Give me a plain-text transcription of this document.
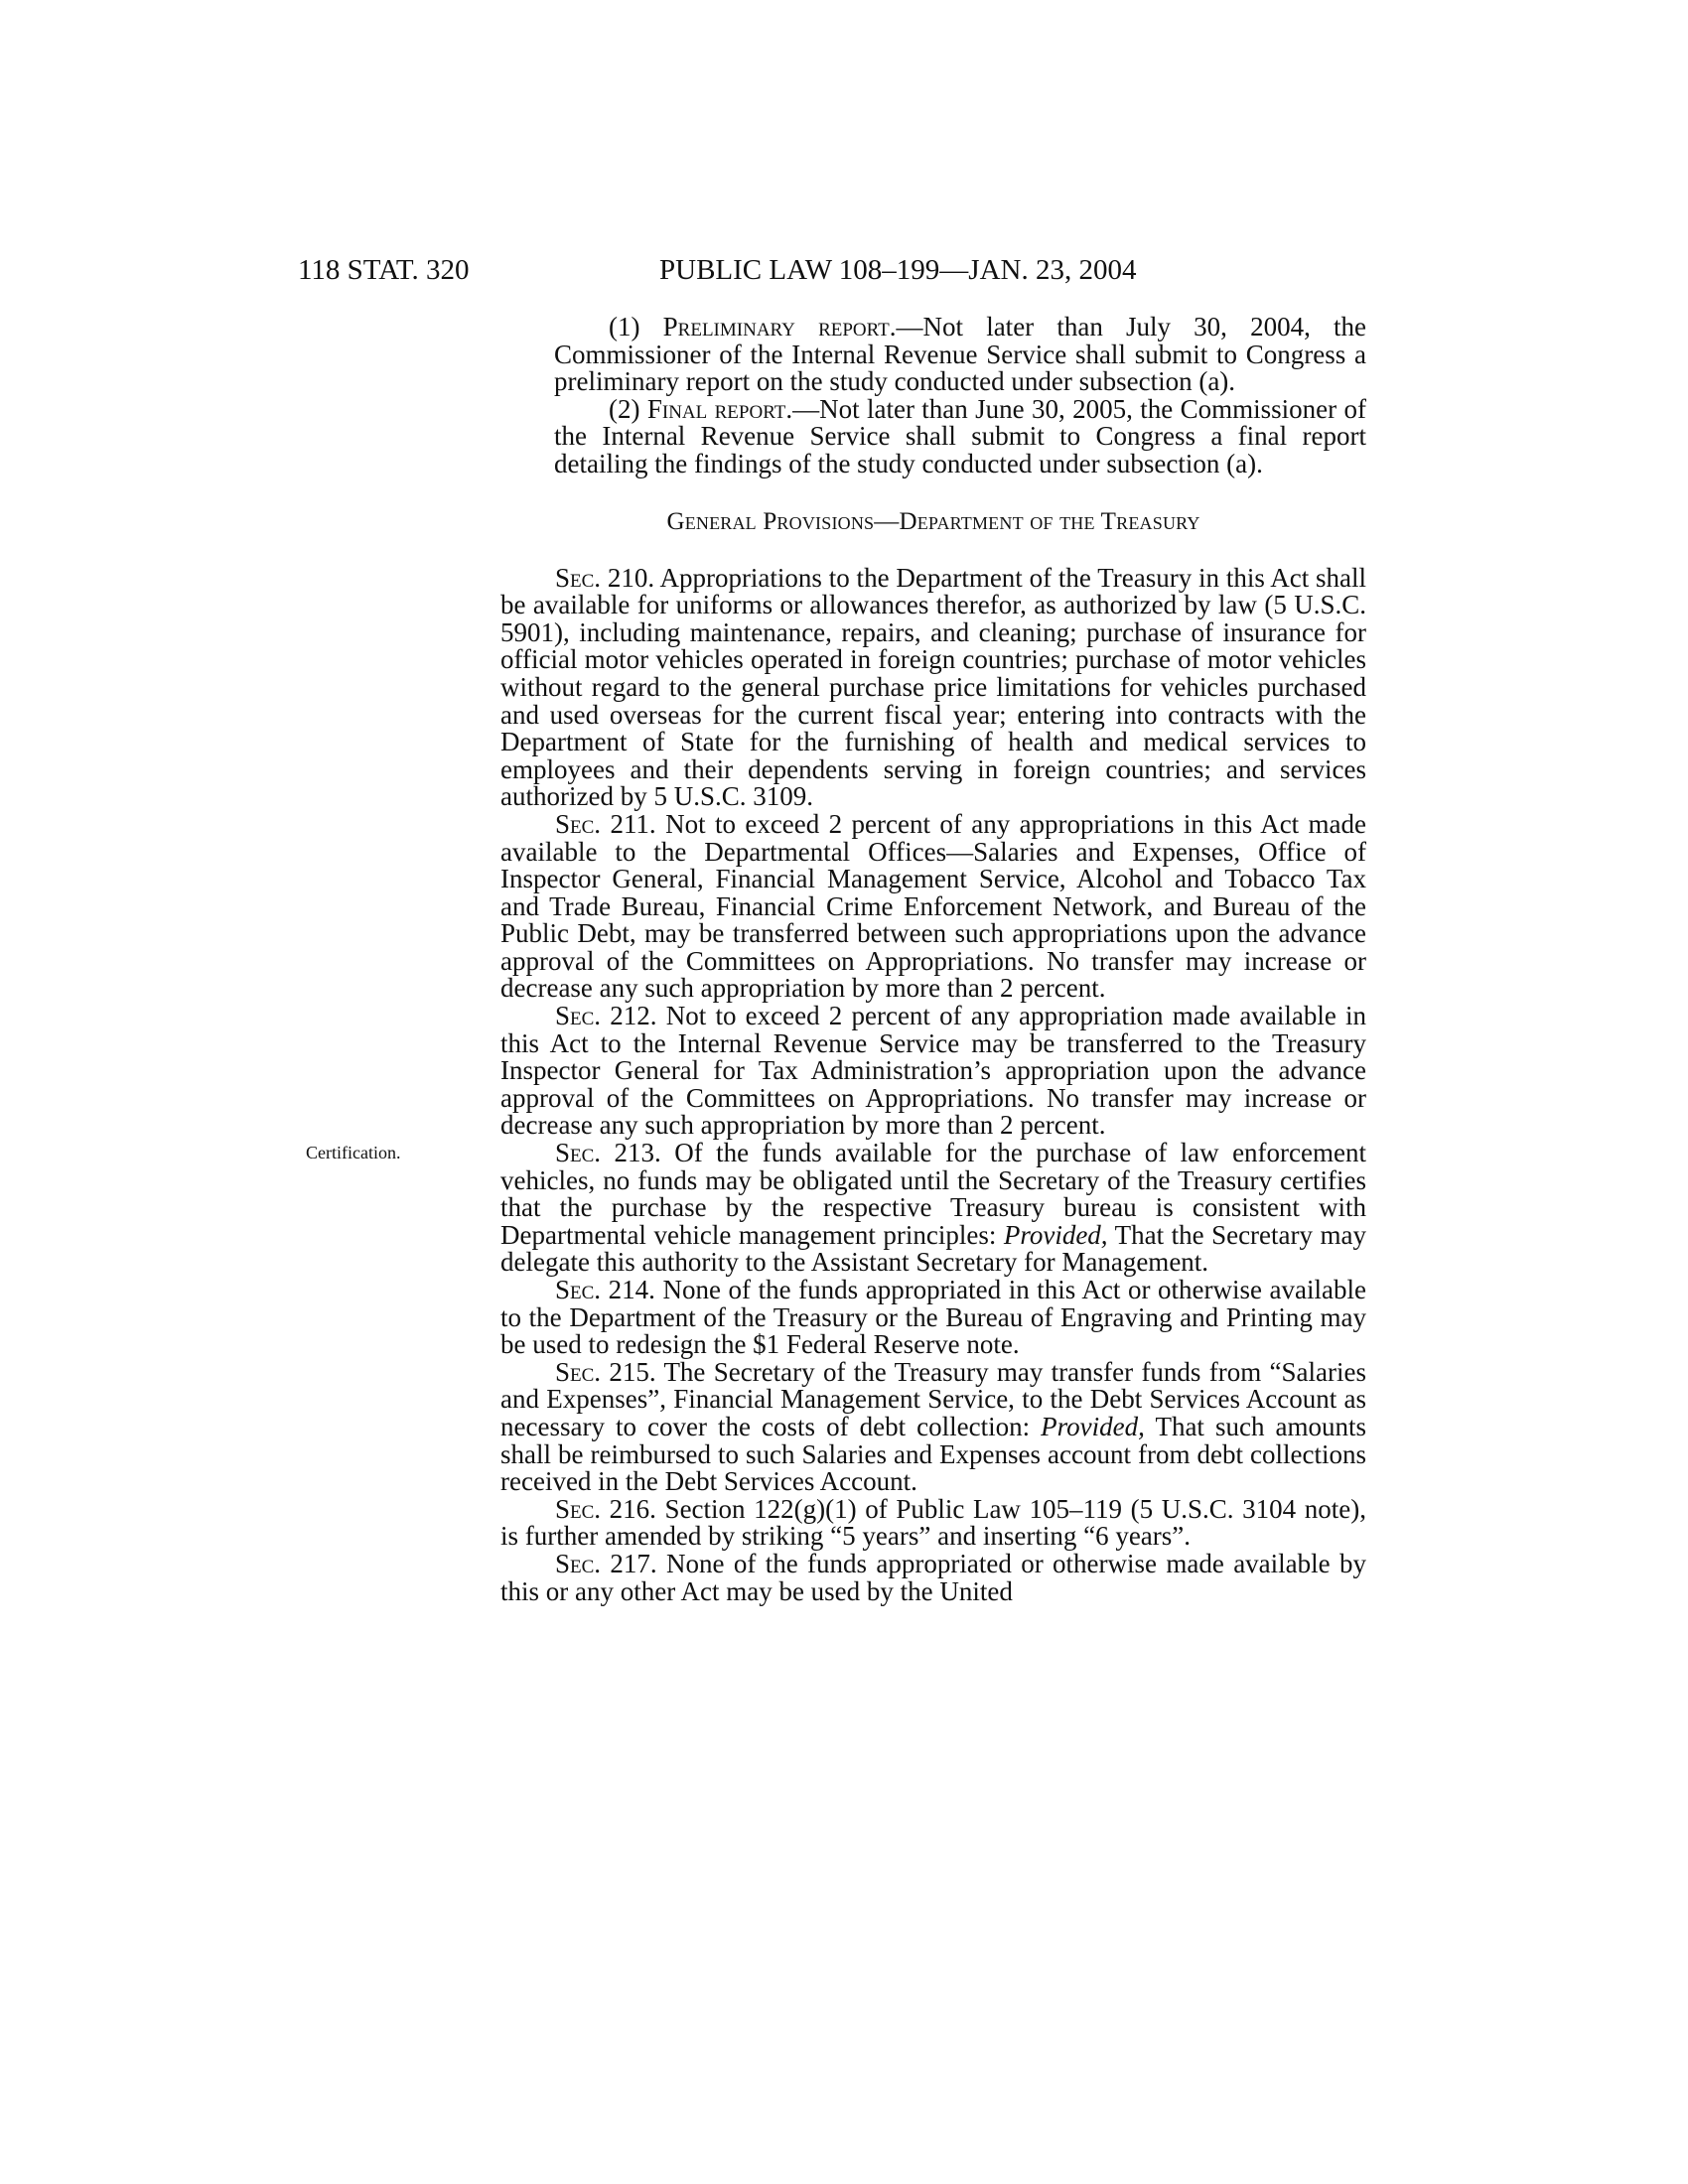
118 STAT. 320	PUBLIC LAW 108–199—JAN. 23, 2004

(1) Preliminary report.—Not later than July 30, 2004, the Commissioner of the Internal Revenue Service shall submit to Congress a preliminary report on the study conducted under subsection (a).

(2) Final report.—Not later than June 30, 2005, the Commissioner of the Internal Revenue Service shall submit to Congress a final report detailing the findings of the study conducted under subsection (a).

General Provisions—Department of the Treasury

Sec. 210. Appropriations to the Department of the Treasury in this Act shall be available for uniforms or allowances therefor, as authorized by law (5 U.S.C. 5901), including maintenance, repairs, and cleaning; purchase of insurance for official motor vehicles operated in foreign countries; purchase of motor vehicles without regard to the general purchase price limitations for vehicles purchased and used overseas for the current fiscal year; entering into contracts with the Department of State for the furnishing of health and medical services to employees and their dependents serving in foreign countries; and services authorized by 5 U.S.C. 3109.

Sec. 211. Not to exceed 2 percent of any appropriations in this Act made available to the Departmental Offices—Salaries and Expenses, Office of Inspector General, Financial Management Service, Alcohol and Tobacco Tax and Trade Bureau, Financial Crime Enforcement Network, and Bureau of the Public Debt, may be transferred between such appropriations upon the advance approval of the Committees on Appropriations. No transfer may increase or decrease any such appropriation by more than 2 percent.

Sec. 212. Not to exceed 2 percent of any appropriation made available in this Act to the Internal Revenue Service may be transferred to the Treasury Inspector General for Tax Administration’s appropriation upon the advance approval of the Committees on Appropriations. No transfer may increase or decrease any such appropriation by more than 2 percent.

Certification.	Sec. 213. Of the funds available for the purchase of law enforcement vehicles, no funds may be obligated until the Secretary of the Treasury certifies that the purchase by the respective Treasury bureau is consistent with Departmental vehicle management principles: Provided, That the Secretary may delegate this authority to the Assistant Secretary for Management.

Sec. 214. None of the funds appropriated in this Act or otherwise available to the Department of the Treasury or the Bureau of Engraving and Printing may be used to redesign the $1 Federal Reserve note.

Sec. 215. The Secretary of the Treasury may transfer funds from “Salaries and Expenses”, Financial Management Service, to the Debt Services Account as necessary to cover the costs of debt collection: Provided, That such amounts shall be reimbursed to such Salaries and Expenses account from debt collections received in the Debt Services Account.

Sec. 216. Section 122(g)(1) of Public Law 105–119 (5 U.S.C. 3104 note), is further amended by striking “5 years” and inserting “6 years”.

Sec. 217. None of the funds appropriated or otherwise made available by this or any other Act may be used by the United
